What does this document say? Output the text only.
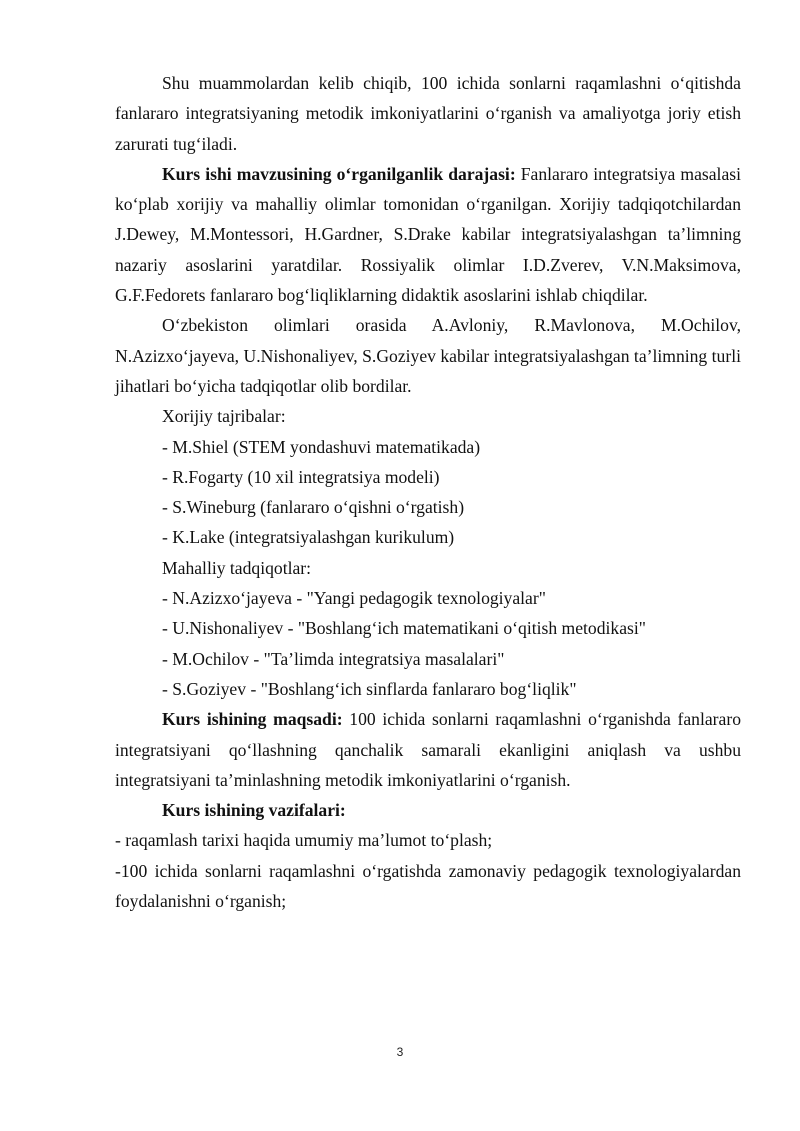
Shu muammolardan kelib chiqib, 100 ichida sonlarni raqamlashni o‘qitishda fanlararo integratsiyaning metodik imkoniyatlarini o‘rganish va amaliyotga joriy etish zarurati tug‘iladi.

Kurs ishi mavzusining o‘rganilganlik darajasi: Fanlararo integratsiya masalasi ko‘plab xorijiy va mahalliy olimlar tomonidan o‘rganilgan. Xorijiy tadqiqotchilardan J.Dewey, M.Montessori, H.Gardner, S.Drake kabilar integratsiyalashgan ta’limning nazariy asoslarini yaratdilar. Rossiyalik olimlar I.D.Zverev, V.N.Maksimova, G.F.Fedorets fanlararo bog‘liqliklarning didaktik asoslarini ishlab chiqdilar.

O‘zbekiston olimlari orasida A.Avloniy, R.Mavlonova, M.Ochilov, N.Azizxo‘jayeva, U.Nishonaliyev, S.Goziyev kabilar integratsiyalashgan ta’limning turli jihatlari bo‘yicha tadqiqotlar olib bordilar.

Xorijiy tajribalar:

- M.Shiel (STEM yondashuvi matematikada)

- R.Fogarty (10 xil integratsiya modeli)

- S.Wineburg (fanlararo o‘qishni o‘rgatish)

- K.Lake (integratsiyalashgan kurikulum)

Mahalliy tadqiqotlar:

- N.Azizxo‘jayeva - "Yangi pedagogik texnologiyalar"

- U.Nishonaliyev - "Boshlang‘ich matematikani o‘qitish metodikasi"

- M.Ochilov - "Ta’limda integratsiya masalalari"

- S.Goziyev - "Boshlang‘ich sinflarda fanlararo bog‘liqlik"

Kurs ishining maqsadi: 100 ichida sonlarni raqamlashni o‘rganishda fanlararo integratsiyani qo‘llashning qanchalik samarali ekanligini aniqlash va ushbu integratsiyani ta’minlashning metodik imkoniyatlarini o‘rganish.

Kurs ishining vazifalari:

- raqamlash tarixi haqida umumiy ma’lumot to‘plash;

-100 ichida sonlarni raqamlashni o‘rgatishda zamonaviy pedagogik texnologiyalardan foydalanishni o‘rganish;

3
